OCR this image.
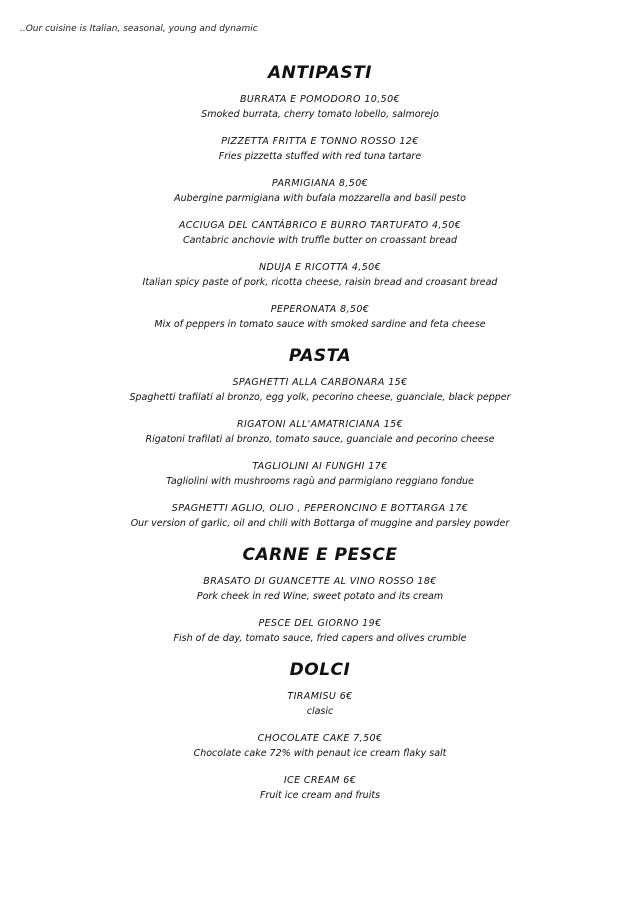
..Our cuisine is Italian, seasonal, young and dynamic
ANTIPASTI
BURRATA E POMODORO 10,50€
Smoked burrata, cherry tomato lobello, salmorejo
PIZZETTA FRITTA E TONNO ROSSO 12€
Fries pizzetta stuffed with red tuna tartare
PARMIGIANA 8,50€
Aubergine parmigiana with bufala mozzarella and basil pesto
ACCIUGA DEL CANTÁBRICO E BURRO TARTUFATO 4,50€
Cantabric anchovie with truffle butter on croassant bread
NDUJA E RICOTTA 4,50€
Italian spicy paste of pork, ricotta cheese, raisin bread and croasant bread
PEPERONATA 8,50€
Mix of peppers in tomato sauce with smoked sardine and feta cheese
PASTA
SPAGHETTI ALLA CARBONARA 15€
Spaghetti trafilati al bronzo, egg yolk, pecorino cheese, guanciale, black pepper
RIGATONI ALL'AMATRICIANA 15€
Rigatoni trafilati al bronzo, tomato sauce, guanciale and pecorino cheese
TAGLIOLINI AI FUNGHI 17€
Tagliolini with mushrooms ragù and parmigiano reggiano fondue
SPAGHETTI AGLIO, OLIO , PEPERONCINO E BOTTARGA 17€
Our version of garlic, oil and chili with Bottarga of muggine and parsley powder
CARNE E PESCE
BRASATO DI GUANCETTE AL VINO ROSSO 18€
Pork cheek in red Wine, sweet potato and its cream
PESCE DEL GIORNO 19€
Fish of de day, tomato sauce, fried capers and olives crumble
DOLCI
TIRAMISU 6€
clasic
CHOCOLATE CAKE 7,50€
Chocolate cake 72% with penaut ice cream flaky salt
ICE CREAM 6€
Fruit ice cream and fruits
